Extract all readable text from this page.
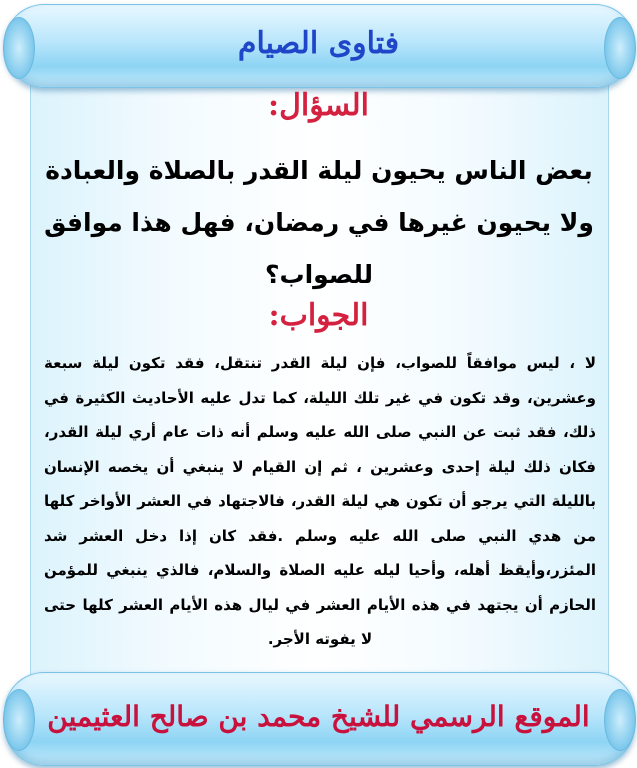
فتاوى الصيام
السؤال:
بعض الناس يحيون ليلة القدر بالصلاة والعبادة ولا يحيون غيرها في رمضان، فهل هذا موافق للصواب؟
الجواب:
لا ، ليس موافقاً للصواب، فإن ليلة القدر تنتقل، فقد تكون ليلة سبعة وعشرين، وقد تكون في غير تلك الليلة، كما تدل عليه الأحاديث الكثيرة في ذلك، فقد ثبت عن النبي صلى الله عليه وسلم أنه ذات عام أري ليلة القدر، فكان ذلك ليلة إحدى وعشرين ، ثم إن القيام لا ينبغي أن يخصه الإنسان بالليلة التي يرجو أن تكون هي ليلة القدر، فالاجتهاد في العشر الأواخر كلها من هدي النبي صلى الله عليه وسلم .فقد كان إذا دخل العشر شد المئزر،وأيقظ أهله، وأحيا ليله عليه الصلاة والسلام، فالذي ينبغي للمؤمن الحازم أن يجتهد في هذه الأيام العشر في ليال هذه الأيام العشر كلها حتى لا يفوته الأجر.
الموقع الرسمي للشيخ محمد بن صالح العثيمين
